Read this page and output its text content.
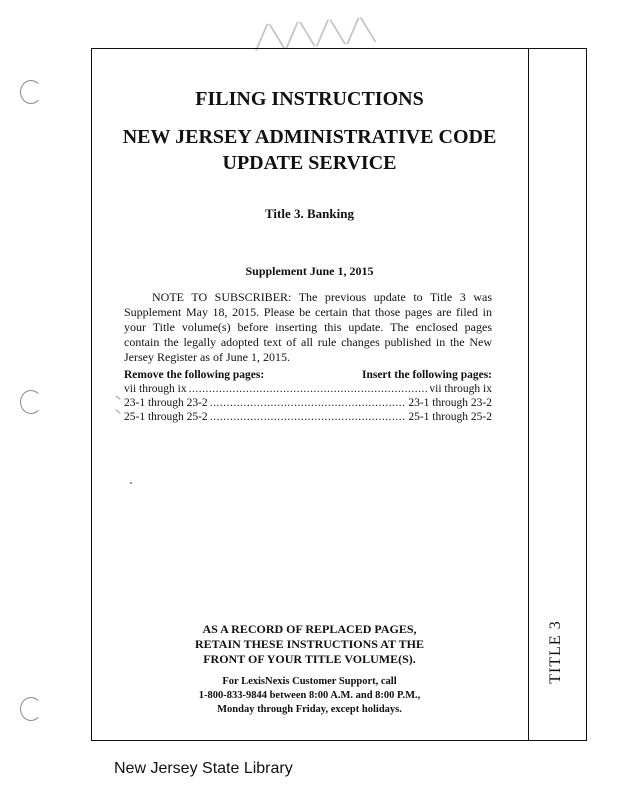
╱╲╱╲╱╲╱╲
TITLE 3
FILING INSTRUCTIONS
NEW JERSEY ADMINISTRATIVE CODE
UPDATE SERVICE
Title 3. Banking
Supplement June 1, 2015
NOTE TO SUBSCRIBER: The previous update to Title 3 was Supplement May 18, 2015. Please be certain that those pages are filed in your Title volume(s) before inserting this update. The enclosed pages contain the legally adopted text of all rule changes published in the New Jersey Register as of June 1, 2015.
Remove the following pages:	Insert the following pages:
vii through ix .....	vii through ix
23-1 through 23-2 .....	23-1 through 23-2
25-1 through 25-2 .....	25-1 through 25-2
AS A RECORD OF REPLACED PAGES,
RETAIN THESE INSTRUCTIONS AT THE
FRONT OF YOUR TITLE VOLUME(S).
For LexisNexis Customer Support, call
1-800-833-9844 between 8:00 A.M. and 8:00 P.M.,
Monday through Friday, except holidays.
New Jersey State Library
